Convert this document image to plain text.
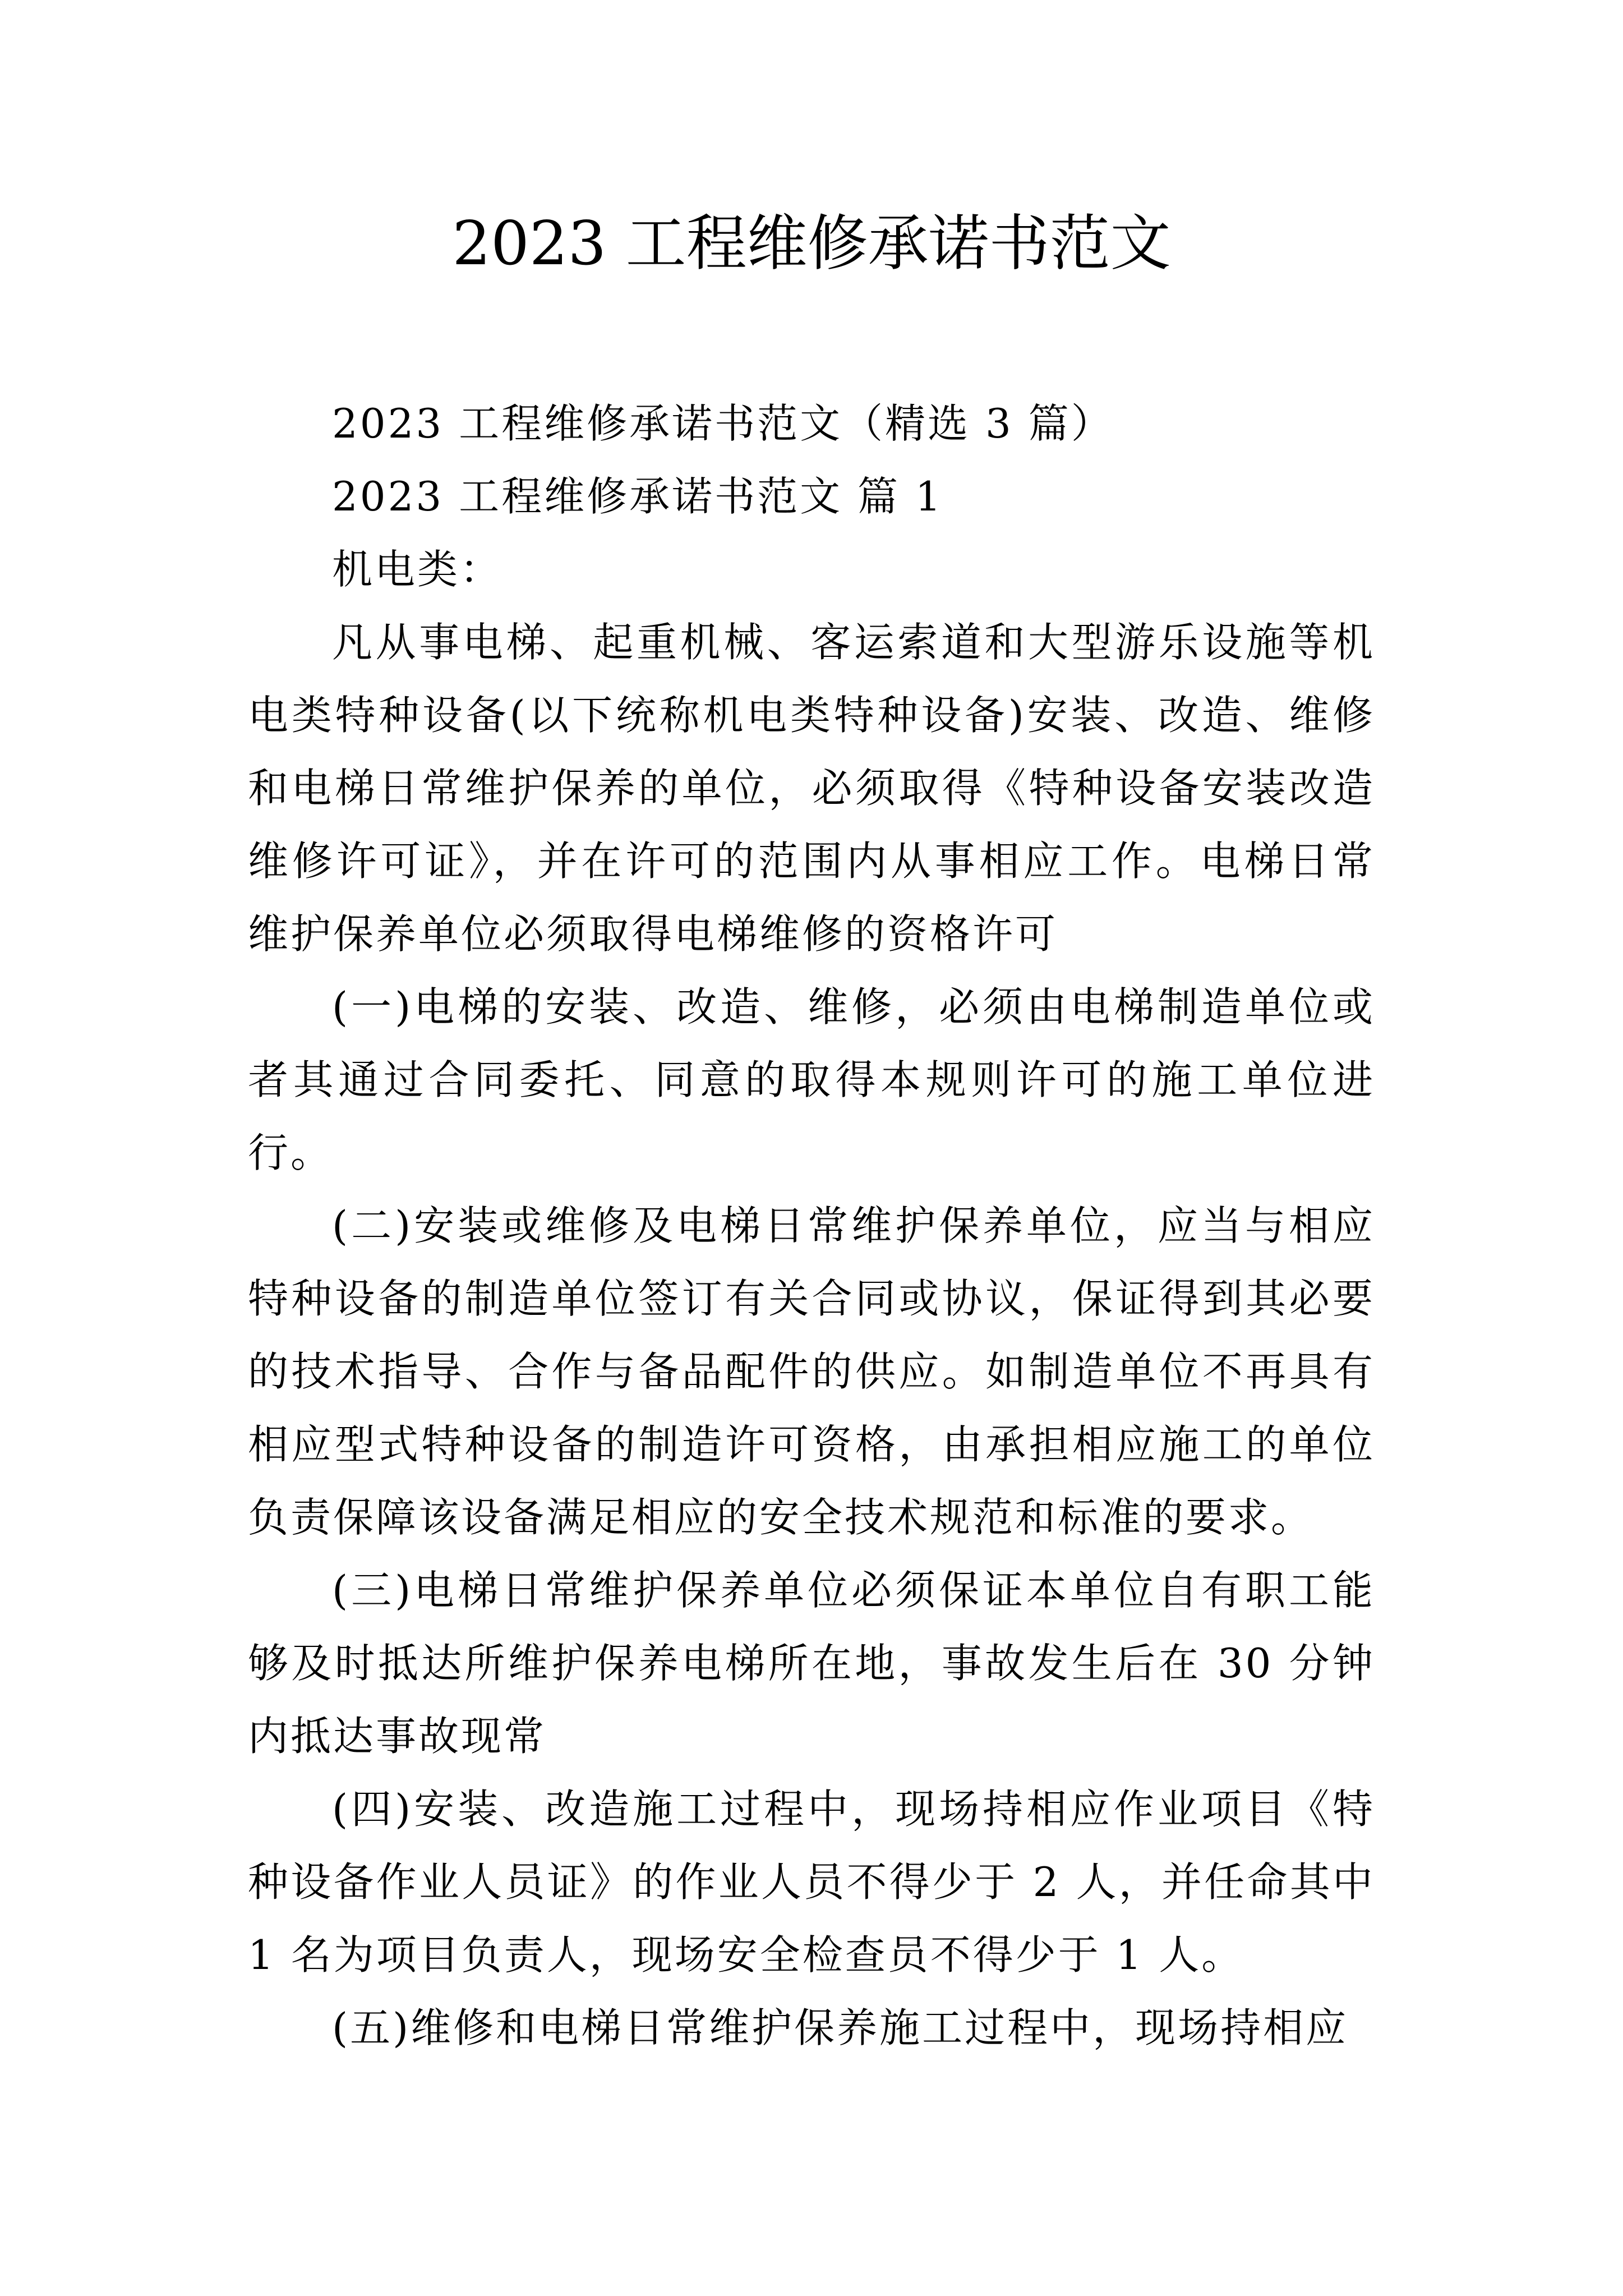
2023 工程维修承诺书范文

2023 工程维修承诺书范文（精选 3 篇）

2023 工程维修承诺书范文 篇 1

机电类：

凡从事电梯、起重机械、客运索道和大型游乐设施等机电类特种设备(以下统称机电类特种设备)安装、改造、维修和电梯日常维护保养的单位，必须取得《特种设备安装改造维修许可证》，并在许可的范围内从事相应工作。电梯日常维护保养单位必须取得电梯维修的资格许可

(一)电梯的安装、改造、维修，必须由电梯制造单位或者其通过合同委托、同意的取得本规则许可的施工单位进行。

(二)安装或维修及电梯日常维护保养单位，应当与相应特种设备的制造单位签订有关合同或协议，保证得到其必要的技术指导、合作与备品配件的供应。如制造单位不再具有相应型式特种设备的制造许可资格，由承担相应施工的单位负责保障该设备满足相应的安全技术规范和标准的要求。

(三)电梯日常维护保养单位必须保证本单位自有职工能够及时抵达所维护保养电梯所在地，事故发生后在 30 分钟内抵达事故现常

(四)安装、改造施工过程中，现场持相应作业项目《特种设备作业人员证》的作业人员不得少于 2 人，并任命其中 1 名为项目负责人，现场安全检查员不得少于 1 人。

(五)维修和电梯日常维护保养施工过程中，现场持相应
